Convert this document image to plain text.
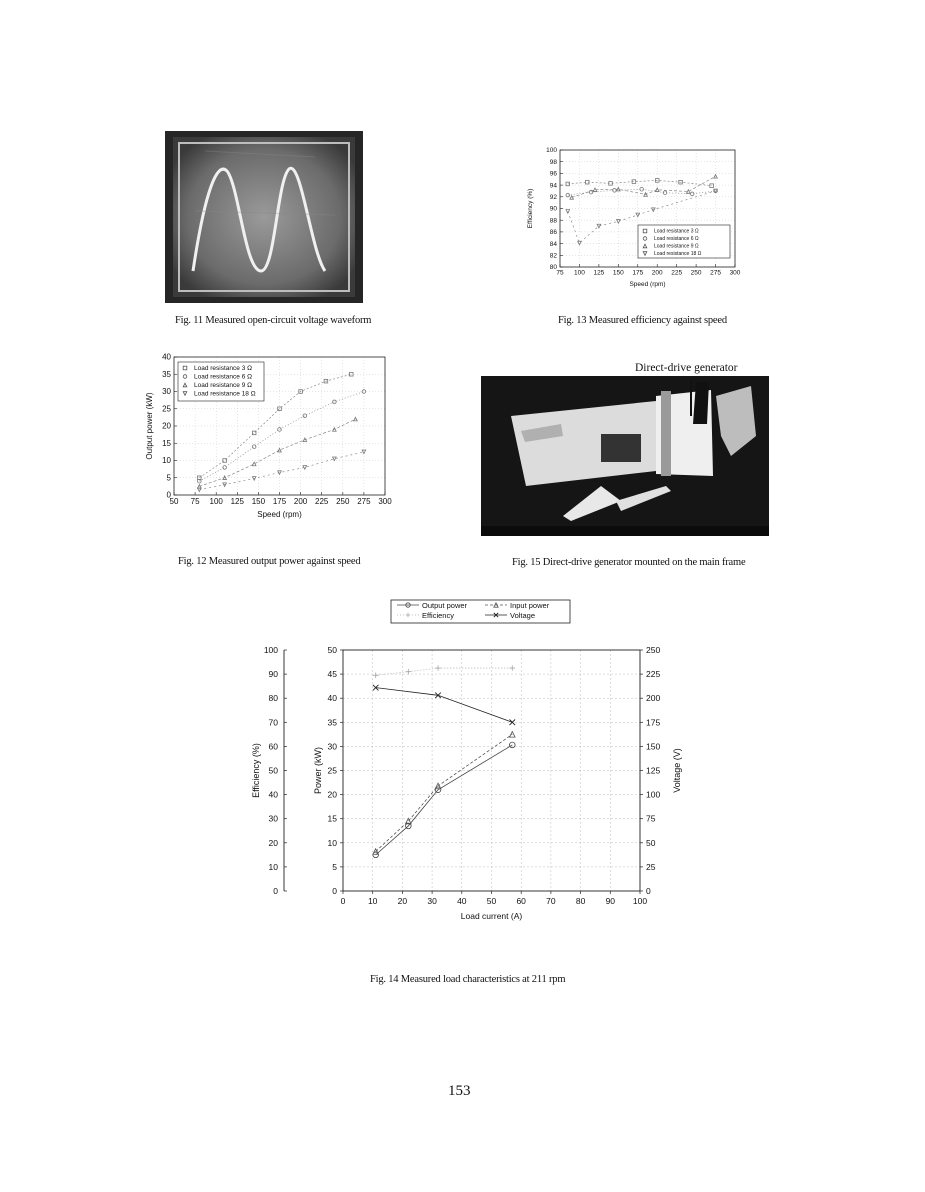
Fig. 11 Measured open-circuit voltage waveform
75 100 125 150 175 200 225 250 275 300
80
82
84
86
88
90
92
94
96
98
100
Speed (rpm)
Efficiency (%)
Load resistance 3 Ω
Load resistance 6 Ω
Load resistance 9 Ω
Load resistance 18 Ω
Fig. 13 Measured efficiency against speed
50 75 100 125 150 175 200 225 250 275 300
0
5
10
15
20
25
30
35
40
Speed (rpm)
Output power (kW)
Load resistance 3 Ω
Load resistance 6 Ω
Load resistance 9 Ω
Load resistance 18 Ω
Fig. 12 Measured output power against speed
Direct-drive generator
Fig. 15 Direct-drive generator mounted on the main frame
0	10 20 30 40 50 60 70 80 90 100
Load current (A)
0
5
10
15
20
25
30
35
40
45
50
Power (kW)
0
10
20
30
40
50
60
70
80
90
100
Efficiency (%)
0
25
50
75
100
125
150
175
200
225
250
Voltage (V)
Output power	Input power
Efficiency	Voltage
Fig. 14 Measured load characteristics at 211 rpm
153
